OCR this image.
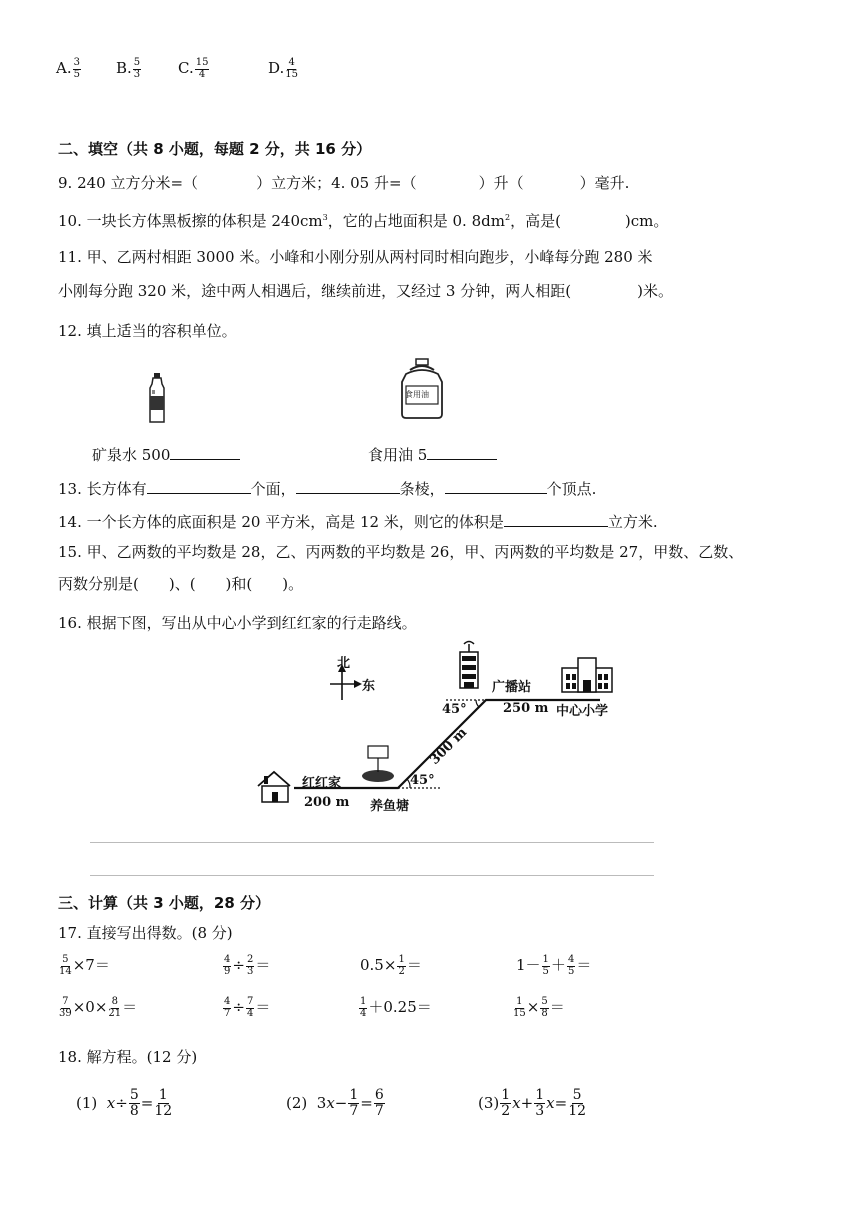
A. $\frac{3}{5} B$. $\frac{5}{3} C$. $\frac{15}{4}$	D. $\frac{4}{15}$
二、填空（共 8 小题，每题 2 分，共 16 分）
9. 240 立方分米=（	）立方米；4. 05 升=（	）升（	）毫升.
10. 一块长方体黑板擦的体积是 $240cm^3$，它的占地面积是 0. $8dm^2$，高是(	)cm。
11. 甲、乙两村相距 3000 米。小峰和小刚分别从两村同时相向跑步，小峰每分跑 280 米
小刚每分跑 320 米，途中两人相遇后，继续前进，又经过 3 分钟，两人相距(	)米。
12. 填上适当的容积单位。
食用油
矿泉水 500	食用油 5
13. 长方体有	个面，	条棱，	个顶点.
14. 一个长方体的底面积是 20 平方米，高是 12 米，则它的体积是	立方米.
15. 甲、乙两数的平均数是 28，乙、丙两数的平均数是 26，甲、丙两数的平均数是 27，甲数、乙数、
丙数分别是(　　)、(　　)和(　　)。
16. 根据下图，写出从中心小学到红红家的行走路线。
北
东	广播站
中心小学
45°	250 m
300 m
红红家	45°
200 m 养鱼塘
三、计算（共 3 小题，28 分）
17. 直接写出得数。(8 分)
$\frac{5}{14} \times 7=$	$\frac{4}{9} \div \frac{2}{3}$ ＝	$0.5\times \frac{1}{2}$ ＝	$1- \frac{1}{5} + \frac{4}{5}$ ＝
$\frac{7}{39} \times 0\times \frac{8}{21}$ ＝	$\frac{4}{7} \div \frac{7}{4}$ ＝	$\frac{1}{4} +0.25=$	$\frac{1}{15} \times \frac{5}{8}$ ＝
18. 解方程。(12 分)
(1)  $x\div \frac{5}{8} = \frac{1}{12}$	(2)  $3x- \frac{1}{7} = \frac{6}{7}$	$(3) \frac{1}{2} x+ \frac{1}{3} x= \frac{5}{12}$
